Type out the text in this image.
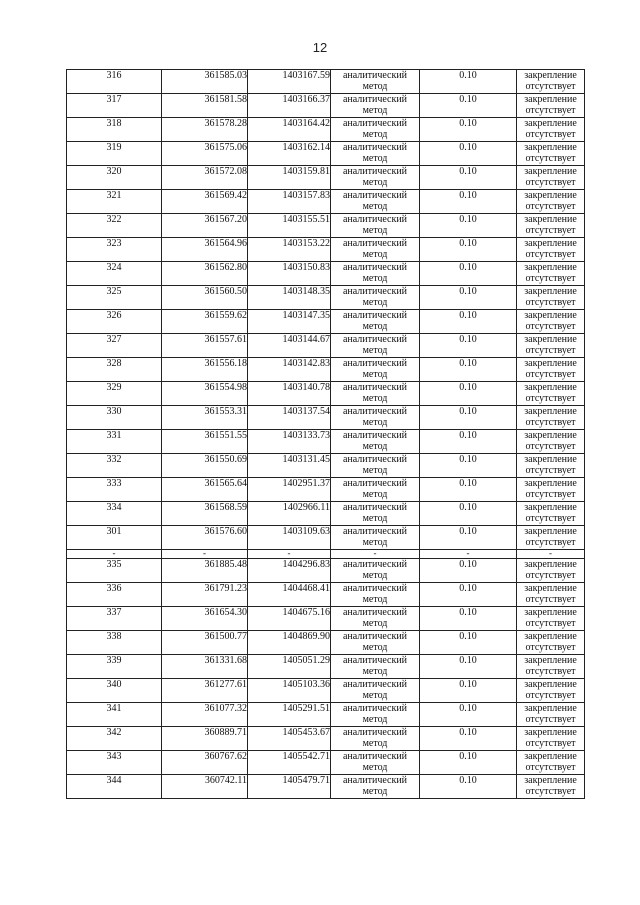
12
316	361585.03	1403167.59	аналитический
метод	0.10	закрепление
отсутствует

317	361581.58	1403166.37	аналитический
метод	0.10	закрепление
отсутствует

318	361578.28	1403164.42	аналитический
метод	0.10	закрепление
отсутствует

319	361575.06	1403162.14	аналитический
метод	0.10	закрепление
отсутствует

320	361572.08	1403159.81	аналитический
метод	0.10	закрепление
отсутствует

321	361569.42	1403157.83	аналитический
метод	0.10	закрепление
отсутствует

322	361567.20	1403155.51	аналитический
метод	0.10	закрепление
отсутствует

323	361564.96	1403153.22	аналитический
метод	0.10	закрепление
отсутствует

324	361562.80	1403150.83	аналитический
метод	0.10	закрепление
отсутствует

325	361560.50	1403148.35	аналитический
метод	0.10	закрепление
отсутствует

326	361559.62	1403147.35	аналитический
метод	0.10	закрепление
отсутствует

327	361557.61	1403144.67	аналитический
метод	0.10	закрепление
отсутствует

328	361556.18	1403142.83	аналитический
метод	0.10	закрепление
отсутствует

329	361554.98	1403140.78	аналитический
метод	0.10	закрепление
отсутствует

330	361553.31	1403137.54	аналитический
метод	0.10	закрепление
отсутствует

331	361551.55	1403133.73	аналитический
метод	0.10	закрепление
отсутствует

332	361550.69	1403131.45	аналитический
метод	0.10	закрепление
отсутствует

333	361565.64	1402951.37	аналитический
метод	0.10	закрепление
отсутствует

334	361568.59	1402966.11	аналитический
метод	0.10	закрепление
отсутствует

301	361576.60	1403109.63	аналитический
метод	0.10	закрепление
отсутствует

-	-	-	-	-	-
335	361885.48	1404296.83	аналитический
метод	0.10	закрепление
отсутствует

336	361791.23	1404468.41	аналитический
метод	0.10	закрепление
отсутствует

337	361654.30	1404675.16	аналитический
метод	0.10	закрепление
отсутствует

338	361500.77	1404869.90	аналитический
метод	0.10	закрепление
отсутствует

339	361331.68	1405051.29	аналитический
метод	0.10	закрепление
отсутствует

340	361277.61	1405103.36	аналитический
метод	0.10	закрепление
отсутствует

341	361077.32	1405291.51	аналитический
метод	0.10	закрепление
отсутствует

342	360889.71	1405453.67	аналитический
метод	0.10	закрепление
отсутствует

343	360767.62	1405542.71	аналитический
метод	0.10	закрепление
отсутствует

344	360742.11	1405479.71	аналитический
метод	0.10	закрепление
отсутствует
